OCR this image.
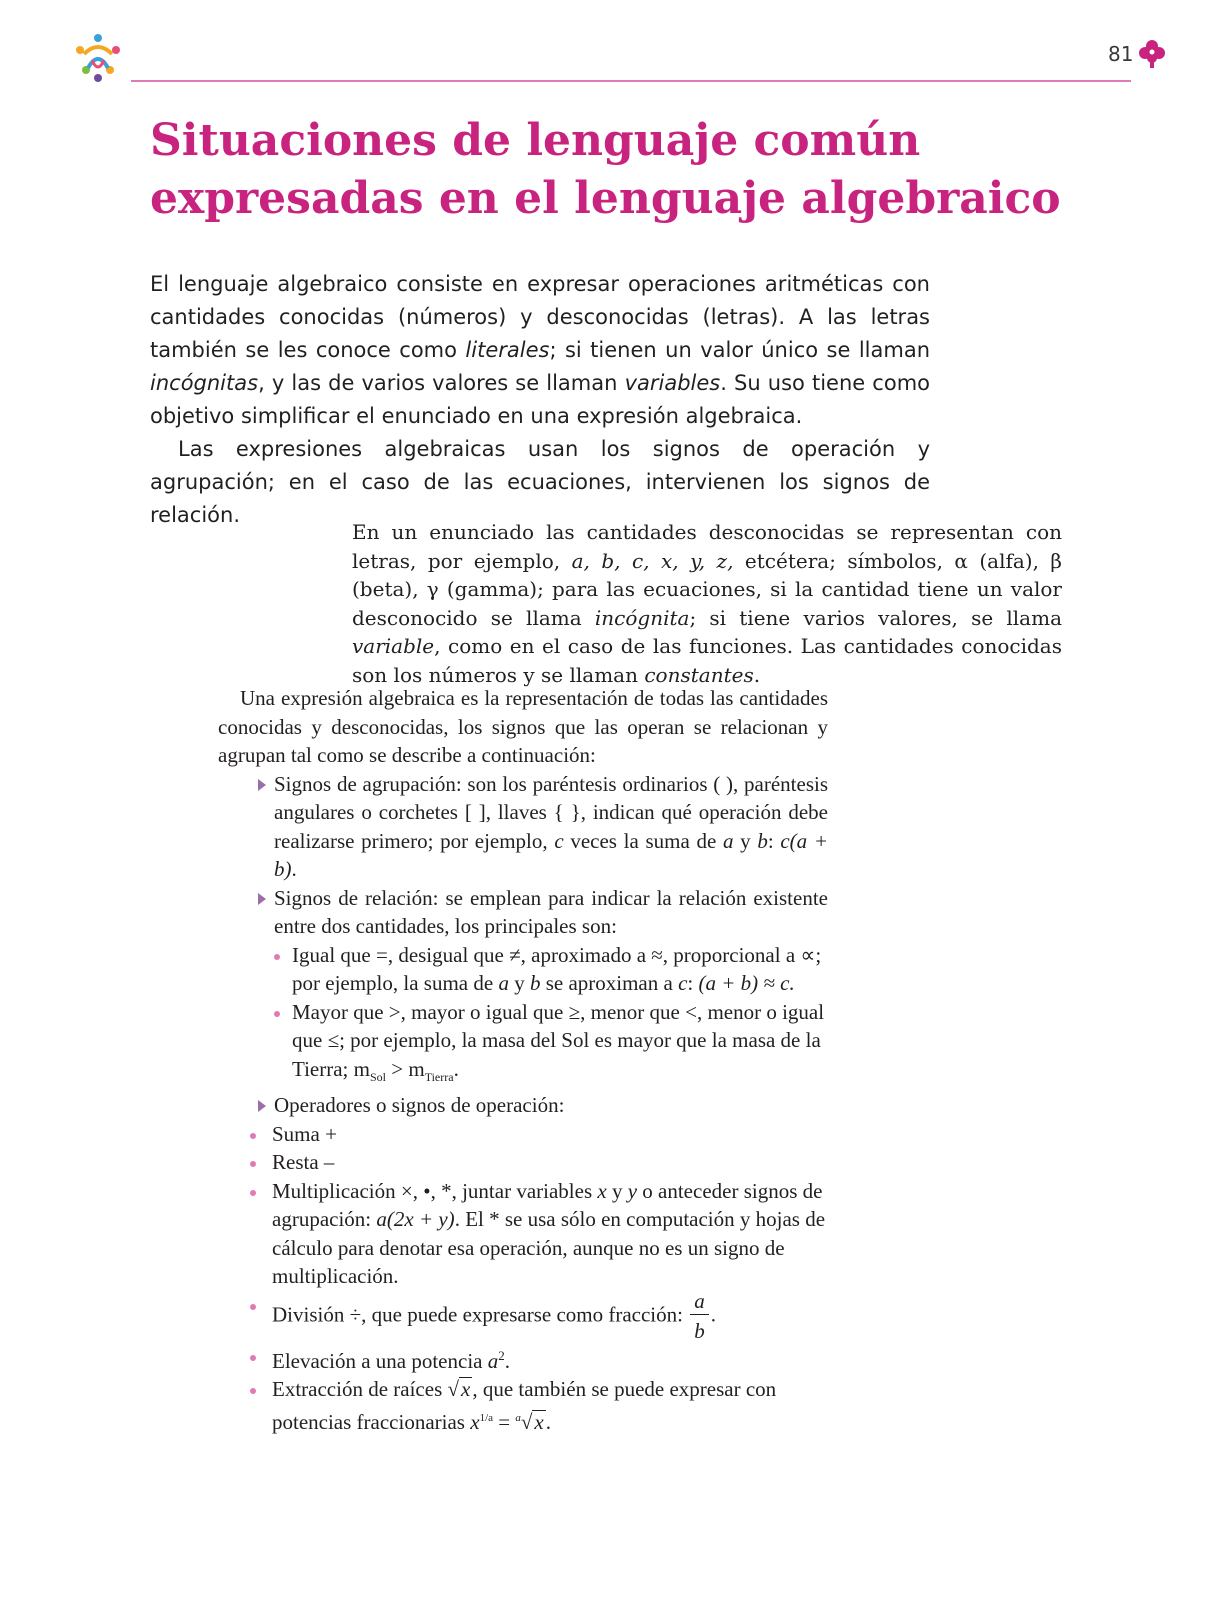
81
Situaciones de lenguaje común
expresadas en el lenguaje algebraico

El lenguaje algebraico consiste en expresar operaciones aritméticas con cantidades conocidas (números) y desconocidas (letras). A las letras también se les conoce como literales; si tienen un valor único se llaman incógnitas, y las de varios valores se llaman variables. Su uso tiene como objetivo simplificar el enunciado en una expresión algebraica.

Las expresiones algebraicas usan los signos de operación y agrupación; en el caso de las ecuaciones, intervienen los signos de relación.

En un enunciado las cantidades desconocidas se representan con letras, por ejemplo, a, b, c, x, y, z, etcétera; símbolos, α (alfa), β (beta), γ (gamma); para las ecuaciones, si la cantidad tiene un valor desconocido se llama incógnita; si tiene varios valores, se llama variable, como en el caso de las funciones. Las cantidades conocidas son los números y se llaman constantes.

Una expresión algebraica es la representación de todas las cantidades conocidas y desconocidas, los signos que las operan se relacionan y agrupan tal como se describe a continuación:

Signos de agrupación: son los paréntesis ordinarios ( ), paréntesis angulares o corchetes [ ], llaves { }, indican qué operación debe realizarse primero; por ejemplo, c veces la suma de a y b: c(a + b).
Signos de relación: se emplean para indicar la relación existente entre dos cantidades, los principales son:
Igual que =, desigual que ≠, aproximado a ≈, proporcional a ∝; por ejemplo, la suma de a y b se aproximan a c: (a + b) ≈ c.
Mayor que >, mayor o igual que ≥, menor que <, menor o igual que ≤; por ejemplo, la masa del Sol es mayor que la masa de la Tierra; $m_{Sol} > m_{Tierra}$.
Operadores o signos de operación:
Suma +
Resta –
Multiplicación ×, •, *, juntar variables x y y o anteceder signos de agrupación: a(2x + y). El * se usa sólo en computación y hojas de cálculo para denotar esa operación, aunque no es un signo de multiplicación.
División ÷, que puede expresarse como fracción: $\frac{a}{b}$ .
Elevación a una potencia $a^2$.
Extracción de raíces √x, que también se puede expresar con potencias fraccionarias $x^{1/a} = ^a√x$.
